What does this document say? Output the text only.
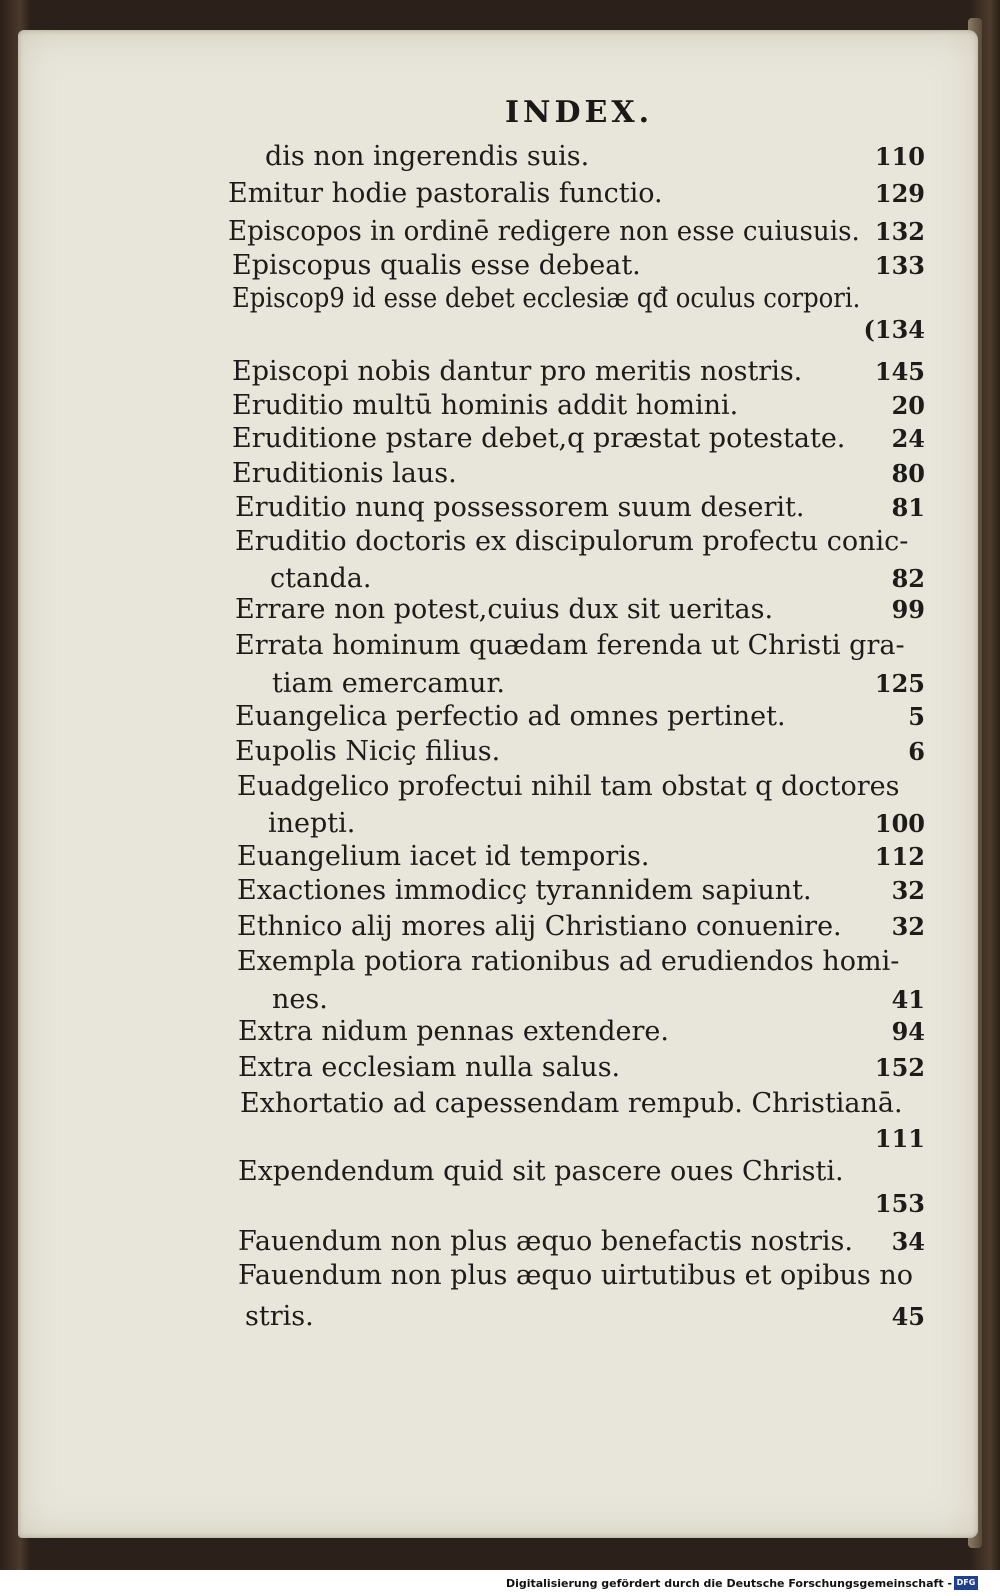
INDEX.
dis non ingerendis suis.	110
Emitur hodie pastoralis functio.	129
Episcopos in ordinē redigere non esse cuiusuis. 132
Episcopus qualis esse debeat.	133
Episcop9 id esse debet ecclesiæ qđ oculus corpori.
(134
Episcopi nobis dantur pro meritis nostris.	145
Eruditio multū hominis addit homini.	20
Eruditione pstare debet,q præstat potestate. 24
Eruditionis laus.	80
Eruditio nunq possessorem suum deserit.	81
Eruditio doctoris ex discipulorum profectu conic-
ctanda.	82
Errare non potest,cuius dux sit ueritas.	99
Errata hominum quædam ferenda ut Christi gra-
tiam emercamur.	125
Euangelica perfectio ad omnes pertinet.	5
Eupolis Niciç filius.	6
Euadgelico profectui nihil tam obstat q doctores
inepti.	100
Euangelium iacet id temporis.	112
Exactiones immodicç tyrannidem sapiunt.	32
Ethnico alij mores alij Christiano conuenire. 32
Exempla potiora rationibus ad erudiendos homi-
nes.	41
Extra nidum pennas extendere.	94
Extra ecclesiam nulla salus.	152
Exhortatio ad capessendam rempub. Christianā.
111
Expendendum quid sit pascere oues Christi.
153
Fauendum non plus æquo benefactis nostris. 34
Fauendum non plus æquo uirtutibus et opibus no
stris.	45
Digitalisierung gefördert durch die Deutsche Forschungsgemeinschaft - DFG
